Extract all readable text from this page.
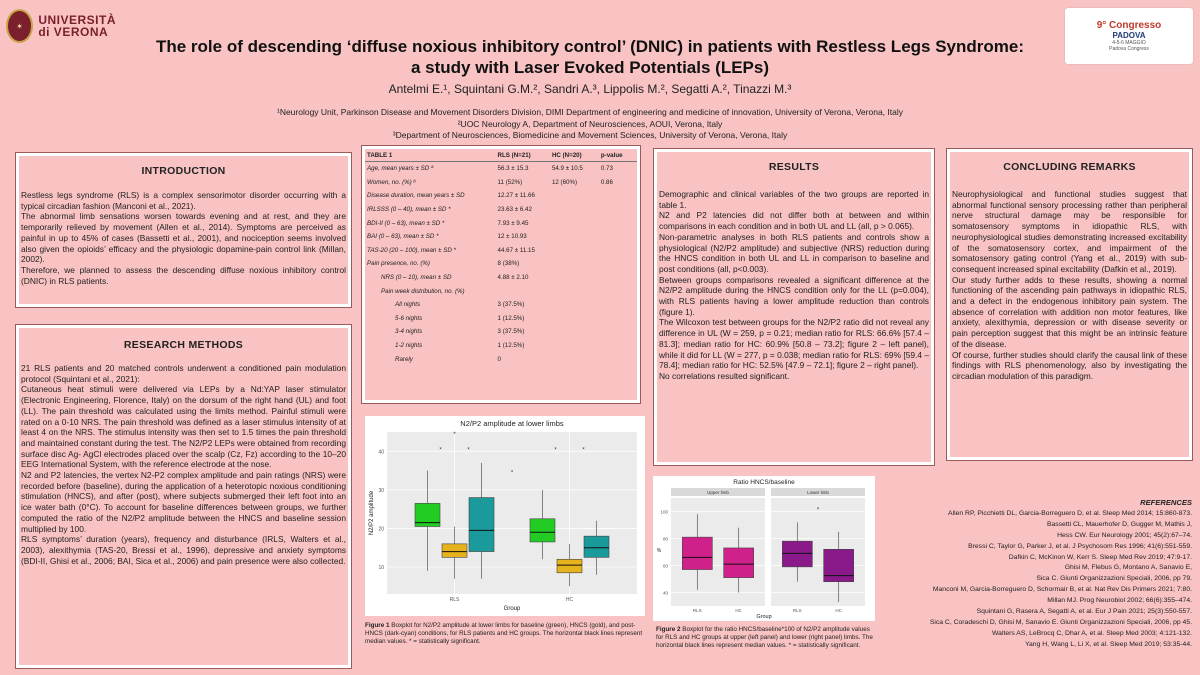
✶	UNIVERSITÀ
di VERONA	9° Congresso
PADOVA
4-5-6 MAGGIO
Padova Congress
The role of descending ‘diffuse noxious inhibitory control’ (DNIC) in patients with Restless Legs Syndrome:
a study with Laser Evoked Potentials (LEPs)
Antelmi E.¹, Squintani G.M.², Sandri A.³, Lippolis M.², Segatti A.², Tinazzi M.³
¹Neurology Unit, Parkinson Disease and Movement Disorders Division, DIMI Department of engineering and medicine of innovation, University of Verona, Verona, Italy
²UOC Neurology A, Department of Neurosciences, AOUI, Verona, Italy
³Department of Neurosciences, Biomedicine and Movement Sciences, University of Verona, Verona, Italy
INTRODUCTION

Restless legs syndrome (RLS) is a complex sensorimotor disorder occurring with a typical circadian fashion (Manconi et al., 2021).

The abnormal limb sensations worsen towards evening and at rest, and they are temporarily relieved by movement (Allen et al., 2014). Symptoms are perceived as painful in up to 45% of cases (Bassetti et al., 2001), and nociception seems involved also given the opioids’ efficacy and the physiologic dopamine-pain control link (Millan, 2002).

Therefore, we planned to assess the descending diffuse noxious inhibitory control (DNIC) in RLS patients.

RESEARCH METHODS

21 RLS patients and 20 matched controls underwent a conditioned pain modulation protocol (Squintani et al., 2021):

Cutaneous heat stimuli were delivered via LEPs by a Nd:YAP laser stimulator (Electronic Engineering, Florence, Italy) on the dorsum of the right hand (UL) and foot (LL). The pain threshold was calculated using the limits method. Painful stimuli were rated on a 0-10 NRS. The pain threshold was defined as a laser stimulus intensity of at least 4 on the NRS. The stimulus intensity was then set to 1.5 times the pain threshold and maintained constant during the test. The N2/P2 LEPs were obtained from recording surface disc Ag- AgCl electrodes placed over the scalp (Cz, Fz) according to the 10–20 EEG International System, with the reference electrode at the nose.

N2 and P2 latencies, the vertex N2-P2 complex amplitude and pain ratings (NRS) were recorded before (baseline), during the application of a heterotopic noxious conditioning stimulation (HNCS), and after (post), where subjects submerged their left foot into an ice water bath (0°C). To account for baseline differences between groups, we further computed the ratio of the N2/P2 amplitude between the HNCS and baseline session multiplied by 100.

RLS symptoms’ duration (years), frequency and disturbance (IRLS, Walters et al., 2003), alexithymia (TAS-20, Bressi et al., 1996), depressive and anxiety symptoms (BDI-II, Ghisi et al., 2006; BAI, Sica et al., 2006) and pain presence were also collected.

TABLE 1	RLS (N=21)	HC (N=20)	p-value
Age, mean years ± SD ª	56.3 ± 15.3	54.9 ± 10.5	0.73
Women, no. (%) ᵇ	11 (52%)	12 (60%)	0.86
Disease duration, mean years ± SD	12.27 ± 11.66		
IRLSSS (0 – 40), mean ± SD *	23.63 ± 6.42		
BDI-II (0 – 63), mean ± SD *	7.93 ± 9.45		
BAI (0 – 63), mean ± SD *	12 ± 10.93		
TAS-20 (20 – 100), mean ± SD *	44.67 ± 11.15		
Pain presence, no. (%)	8 (38%)		
NRS (0 – 10), mean ± SD	4.88 ± 2.10		
Pain week distribution, no. (%)			
All nights	3 (37.5%)		
5-6 nights	1 (12.5%)		
3-4 nights	3 (37.5%)		
1-2 nights	1 (12.5%)		
Rarely	0		
N2/P2 amplitude at lower limbs
10
20
30
40
RLS	HC
Group
N2/P2 amplitude
*	*
*
*	*
*
Figure 1 Boxplot for N2/P2 amplitude at lower limbs for baseline (green), HNCS (gold), and post-HNCS (dark-cyan) conditions, for RLS patients and HC groups. The horizontal black lines represent median values. * = statistically significant.
RESULTS

Demographic and clinical variables of the two groups are reported in table 1.

N2 and P2 latencies did not differ both at between and within comparisons in each condition and in both UL and LL (all, p > 0.065).

Non-parametric analyses in both RLS patients and controls show a physiological (N2/P2 amplitude) and subjective (NRS) reduction during the HNCS condition in both UL and LL in comparison to baseline and post conditions (all, p<0.003).

Between groups comparisons revealed a significant difference at the N2/P2 amplitude during the HNCS condition only for the LL (p=0.004), with RLS patients having a lower amplitude reduction than controls (figure 1).

The Wilcoxon test between groups for the N2/P2 ratio did not reveal any difference in UL (W = 259, p = 0.21; median ratio for RLS: 66.6% [57.4 – 81.3]; median ratio for HC: 60.9% [50.8 – 73.2]; figure 2 – left panel), while it did for LL (W = 277, p = 0.038; median ratio for RLS: 69% [59.4 – 78.4]; median ratio for HC: 52.5% [47.9 – 72.1]; figure 2 – right panel).

No correlations resulted significant.

Ratio HNCS/baseline
Upper limb
RLS	HC
Lower limb
RLS	HC
40
60
80
100
%
Group
*
Figure 2 Boxplot for the ratio HNCS/baseline*100 of N2/P2 amplitude values for RLS and HC groups at upper (left panel) and lower (right panel) limbs. The horizontal black lines represent median values. * = statistically significant.
CONCLUDING REMARKS

Neurophysiological and functional studies suggest that abnormal functional sensory processing rather than peripheral nerve structural damage may be responsible for somatosensory symptoms in idiopathic RLS, with neurophysiological studies demonstrating increased excitability of the somatosensory cortex, and impairment of the somatosensory gating control (Yang et al., 2019) with sub-consequent increased spinal excitability (Dafkin et al., 2019).

Our study further adds to these results, showing a normal functioning of the ascending pain pathways in idiopathic RLS, and a defect in the endogenous inhibitory pain system. The absence of correlation with addition non motor features, like anxiety, alexithymia, depression or with disease severity or pain perception suggest that this might be an intrinsic feature of the disease.

Of course, further studies should clarify the causal link of these findings with RLS phenomenology, also by investigating the circadian modulation of this paradigm.

REFERENCES
Allen RP, Picchietti DL, Garcia-Borreguero D, et al. Sleep Med 2014; 15:860-873.
Bassetti CL, Mauerhofer D, Gugger M, Mathis J,
Hess CW. Eur Neurology 2001; 45(2):67–74.
Bressi C, Taylor G, Parker J, et al. J Psychosom Res 1996; 41(6):551-559.
Dafkin C, McKinon W, Kerr S. Sleep Med Rev 2019; 47:9-17.
Ghisi M, Flebus G, Montano A, Sanavio E,
Sica C. Giunti Organizzazioni Speciali, 2006, pp 79.
Manconi M, Garcia-Borreguero D, Schormair B, et al. Nat Rev Dis Primers 2021; 7:80.
Millan MJ. Prog Neurobiol 2002; 66(6):355–474.
Squintani G, Rasera A, Segatti A, et al. Eur J Pain 2021; 25(3):550-557.
Sica C, Coradeschi D, Ghisi M, Sanavio E. Giunti Organizzazioni Speciali, 2006, pp 45.
Walters AS, LeBrocq C, Dhar A, et al. Sleep Med 2003; 4:121-132.
Yang H, Wang L, Li X, et al. Sleep Med 2019; 53:35-44.
